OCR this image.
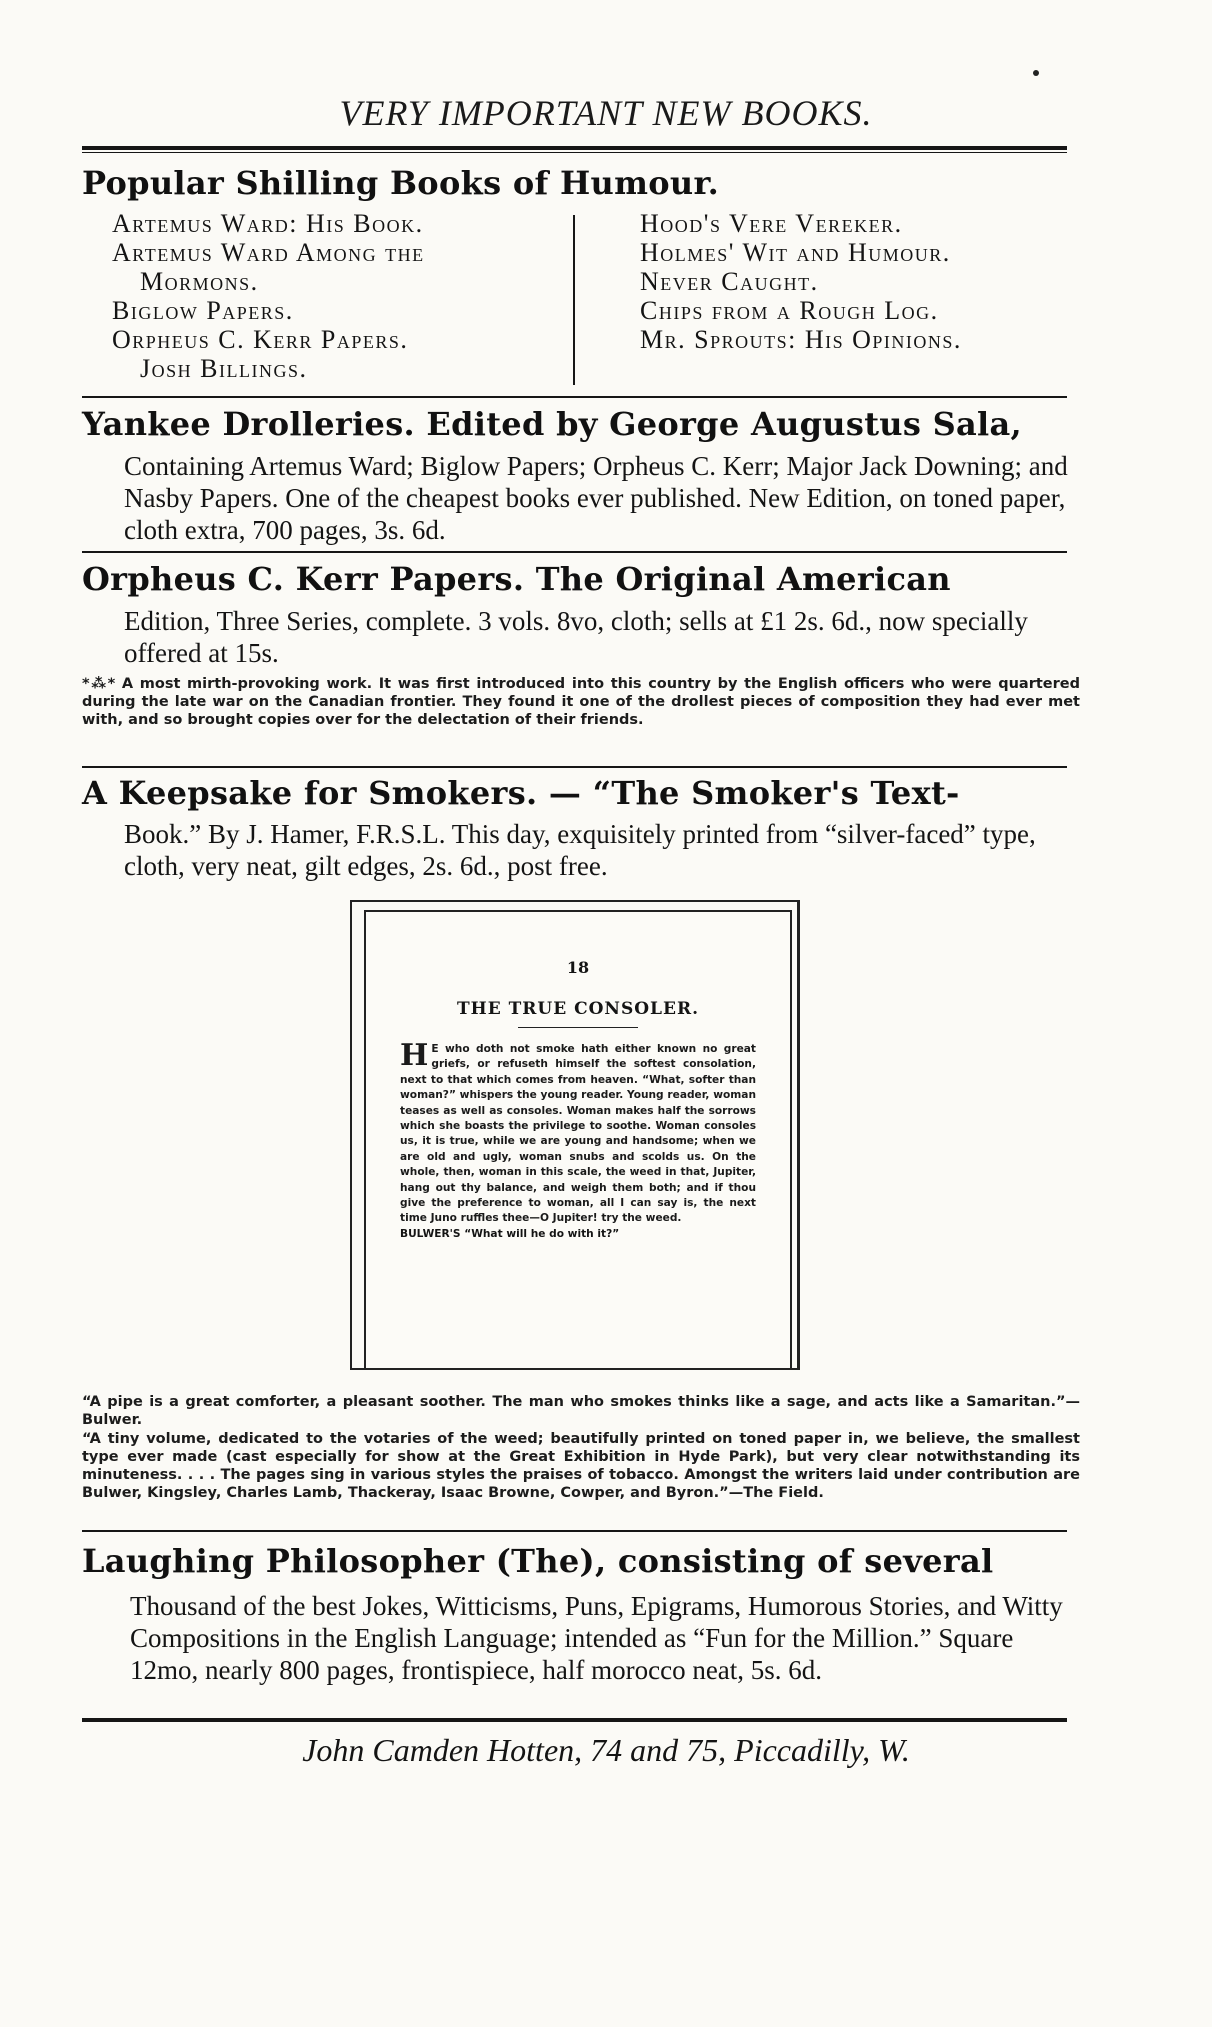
VERY IMPORTANT NEW BOOKS.
Popular Shilling Books of Humour.
Artemus Ward: His Book.
Artemus Ward Among the
Mormons.
Biglow Papers.
Orpheus C. Kerr Papers.
Josh Billings.
Hood's Vere Vereker.
Holmes' Wit and Humour.
Never Caught.
Chips from a Rough Log.
Mr. Sprouts: His Opinions.
Yankee Drolleries. Edited by George Augustus Sala,
Containing Artemus Ward; Biglow Papers; Orpheus C. Kerr; Major Jack Downing; and Nasby Papers. One of the cheapest books ever published. New Edition, on toned paper, cloth extra, 700 pages, 3s. 6d.
Orpheus C. Kerr Papers. The Original American
Edition, Three Series, complete. 3 vols. 8vo, cloth; sells at £1 2s. 6d., now specially offered at 15s.
*⁂* A most mirth-provoking work. It was first introduced into this country by the English officers who were quartered during the late war on the Canadian frontier. They found it one of the drollest pieces of composition they had ever met with, and so brought copies over for the delectation of their friends.
A Keepsake for Smokers. — “The Smoker's Text-
Book.” By J. Hamer, F.R.S.L. This day, exquisitely printed from “silver-faced” type, cloth, very neat, gilt edges, 2s. 6d., post free.
18
THE TRUE CONSOLER.
H E who doth not smoke hath either known no great griefs, or refuseth himself the softest consolation, next to that which comes from heaven. “What, softer than woman?” whispers the young reader. Young reader, woman teases as well as consoles. Woman makes half the sorrows which she boasts the privilege to soothe. Woman consoles us, it is true, while we are young and handsome; when we are old and ugly, woman snubs and scolds us. On the whole, then, woman in this scale, the weed in that, Jupiter, hang out thy balance, and weigh them both; and if thou give the preference to woman, all I can say is, the next time Juno ruffles thee—O Jupiter! try the weed.
BULWER'S “What will he do with it?”
“A pipe is a great comforter, a pleasant soother. The man who smokes thinks like a sage, and acts like a Samaritan.”—Bulwer.
“A tiny volume, dedicated to the votaries of the weed; beautifully printed on toned paper in, we believe, the smallest type ever made (cast especially for show at the Great Exhibition in Hyde Park), but very clear notwithstanding its minuteness. . . . The pages sing in various styles the praises of tobacco. Amongst the writers laid under contribution are Bulwer, Kingsley, Charles Lamb, Thackeray, Isaac Browne, Cowper, and Byron.”—The Field.
Laughing Philosopher (The), consisting of several
Thousand of the best Jokes, Witticisms, Puns, Epigrams, Humorous Stories, and Witty Compositions in the English Language; intended as “Fun for the Million.” Square 12mo, nearly 800 pages, frontispiece, half morocco neat, 5s. 6d.
John Camden Hotten, 74 and 75, Piccadilly, W.
